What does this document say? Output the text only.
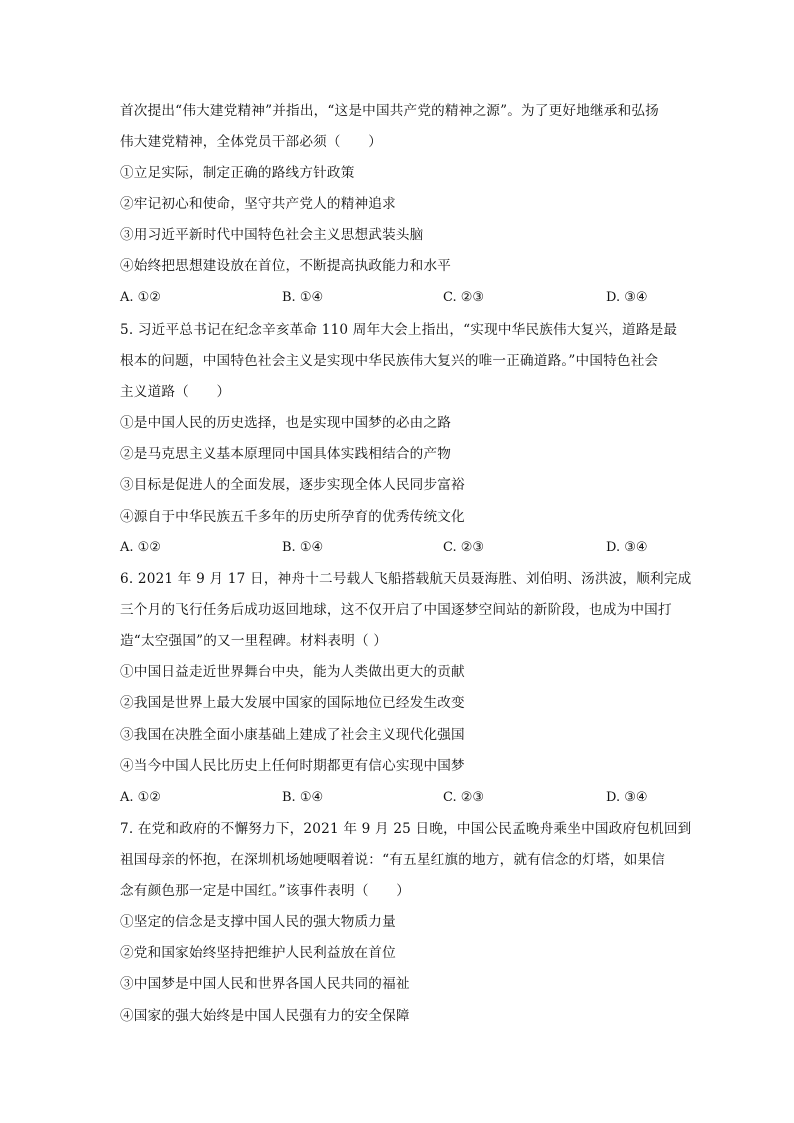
首次提出“伟大建党精神”并指出，“这是中国共产党的精神之源”。为了更好地继承和弘扬
伟大建党精神，全体党员干部必须（　　）
①立足实际，制定正确的路线方针政策
②牢记初心和使命，坚守共产党人的精神追求
③用习近平新时代中国特色社会主义思想武装头脑
④始终把思想建设放在首位，不断提高执政能力和水平
A. ①②	B. ①④	C. ②③	D. ③④
5. 习近平总书记在纪念辛亥革命 110 周年大会上指出，“实现中华民族伟大复兴，道路是最
根本的问题，中国特色社会主义是实现中华民族伟大复兴的唯一正确道路。”中国特色社会
主义道路（　　）
①是中国人民的历史选择，也是实现中国梦的必由之路
②是马克思主义基本原理同中国具体实践相结合的产物
③目标是促进人的全面发展，逐步实现全体人民同步富裕
④源自于中华民族五千多年的历史所孕育的优秀传统文化
A. ①②	B. ①④	C. ②③	D. ③④
6. 2021 年 9 月 17 日，神舟十二号载人飞船搭载航天员聂海胜、刘伯明、汤洪波，顺利完成
三个月的飞行任务后成功返回地球，这不仅开启了中国逐梦空间站的新阶段，也成为中国打
造“太空强国”的又一里程碑。材料表明（ ）
①中国日益走近世界舞台中央，能为人类做出更大的贡献
②我国是世界上最大发展中国家的国际地位已经发生改变
③我国在决胜全面小康基础上建成了社会主义现代化强国
④当今中国人民比历史上任何时期都更有信心实现中国梦
A. ①②	B. ①④	C. ②③	D. ③④
7. 在党和政府的不懈努力下，2021 年 9 月 25 日晚，中国公民孟晚舟乘坐中国政府包机回到
祖国母亲的怀抱，在深圳机场她哽咽着说：“有五星红旗的地方，就有信念的灯塔，如果信
念有颜色那一定是中国红。”该事件表明（　　）
①坚定的信念是支撑中国人民的强大物质力量
②党和国家始终坚持把维护人民利益放在首位
③中国梦是中国人民和世界各国人民共同的福祉
④国家的强大始终是中国人民强有力的安全保障
